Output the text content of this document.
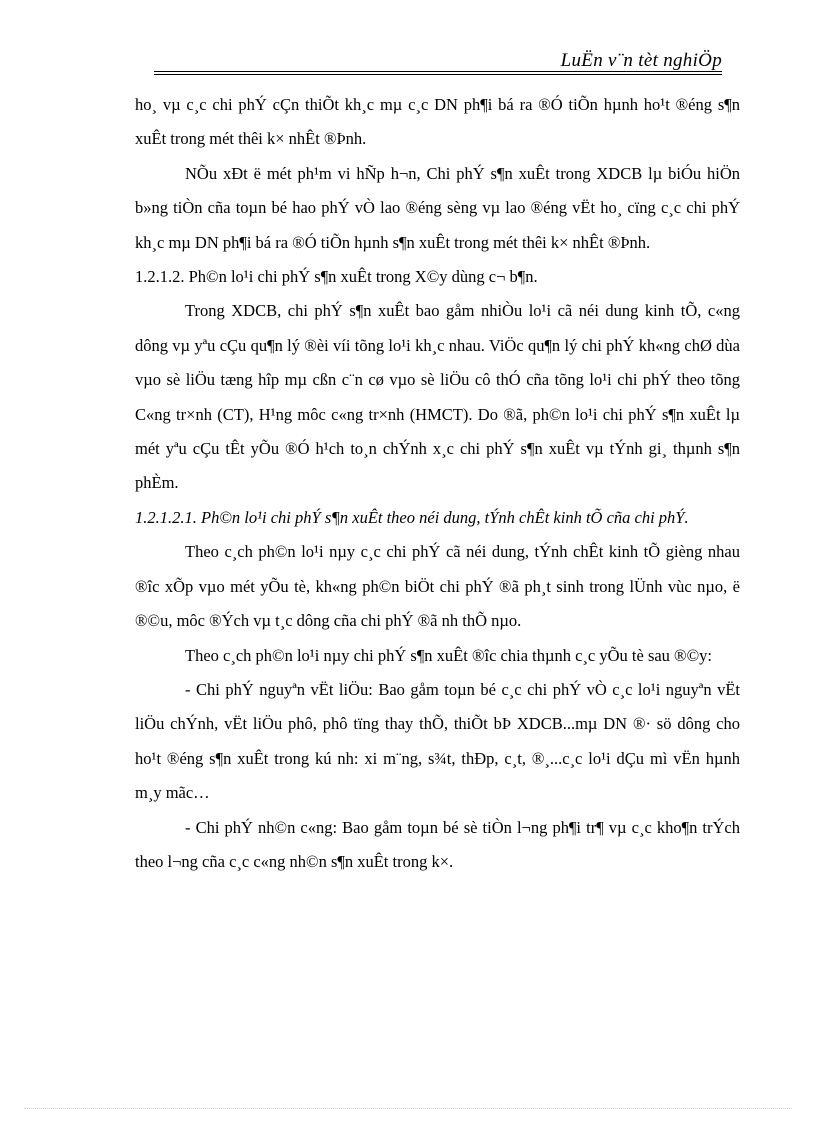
LuËn v¨n tèt nghiÖp

ho¸ vµ c¸c chi phÝ cÇn thiÕt kh¸c mµ c¸c DN ph¶i bá ra ®Ó tiÕn hµnh ho¹t ®éng s¶n xuÊt trong mét thêi k× nhÊt ®Þnh.

NÕu xÐt ë mét ph¹m vi hÑp h¬n, Chi phÝ s¶n xuÊt trong XDCB lµ biÓu hiÖn b»ng tiÒn cña toµn bé hao phÝ vÒ lao ®éng sèng vµ lao ®éng vËt ho¸ cïng c¸c chi phÝ kh¸c mµ DN ph¶i bá ra ®Ó tiÕn hµnh s¶n xuÊt trong mét thêi k× nhÊt ®Þnh.

1.2.1.2. Ph©n lo¹i chi phÝ s¶n xuÊt trong X©y dùng c¬ b¶n.

Trong XDCB, chi phÝ s¶n xuÊt bao gåm nhiÒu lo¹i cã néi dung kinh tÕ, c«ng dông vµ yªu cÇu qu¶n lý ®èi víi tõng lo¹i kh¸c nhau. ViÖc qu¶n lý chi phÝ kh«ng chØ dùa vµo sè liÖu tæng hîp mµ cßn c¨n cø vµo sè liÖu cô thÓ cña tõng lo¹i chi phÝ theo tõng C«ng tr×nh (CT), H¹ng môc c«ng tr×nh (HMCT). Do ®ã, ph©n lo¹i chi phÝ s¶n xuÊt lµ mét yªu cÇu tÊt yÕu ®Ó h¹ch to¸n chÝnh x¸c chi phÝ s¶n xuÊt vµ tÝnh gi¸ thµnh s¶n phÈm.

1.2.1.2.1. Ph©n lo¹i chi phÝ s¶n xuÊt theo néi dung, tÝnh chÊt kinh tÕ cña chi phÝ.

Theo c¸ch ph©n lo¹i nµy c¸c chi phÝ cã néi dung, tÝnh chÊt kinh tÕ gièng nhau ®îc xÕp vµo mét yÕu tè, kh«ng ph©n biÖt chi phÝ ®ã ph¸t sinh trong lÜnh vùc nµo, ë ®©u, môc ®Ých vµ t¸c dông cña chi phÝ ®ã nh thÕ nµo.

Theo c¸ch ph©n lo¹i nµy chi phÝ s¶n xuÊt ®îc chia thµnh c¸c yÕu tè sau ®©y:

- Chi phÝ nguyªn vËt liÖu: Bao gåm toµn bé c¸c chi phÝ vÒ c¸c lo¹i nguyªn vËt liÖu chÝnh, vËt liÖu phô, phô tïng thay thÕ, thiÕt bÞ XDCB...mµ DN ®· sö dông cho ho¹t ®éng s¶n xuÊt trong kú nh: xi m¨ng, s¾t, thÐp, c¸t, ®¸...c¸c lo¹i dÇu mì vËn hµnh m¸y mãc…

- Chi phÝ nh©n c«ng: Bao gåm toµn bé sè tiÒn l¬ng ph¶i tr¶ vµ c¸c kho¶n trÝch theo l¬ng cña c¸c c«ng nh©n s¶n xuÊt trong k×.
